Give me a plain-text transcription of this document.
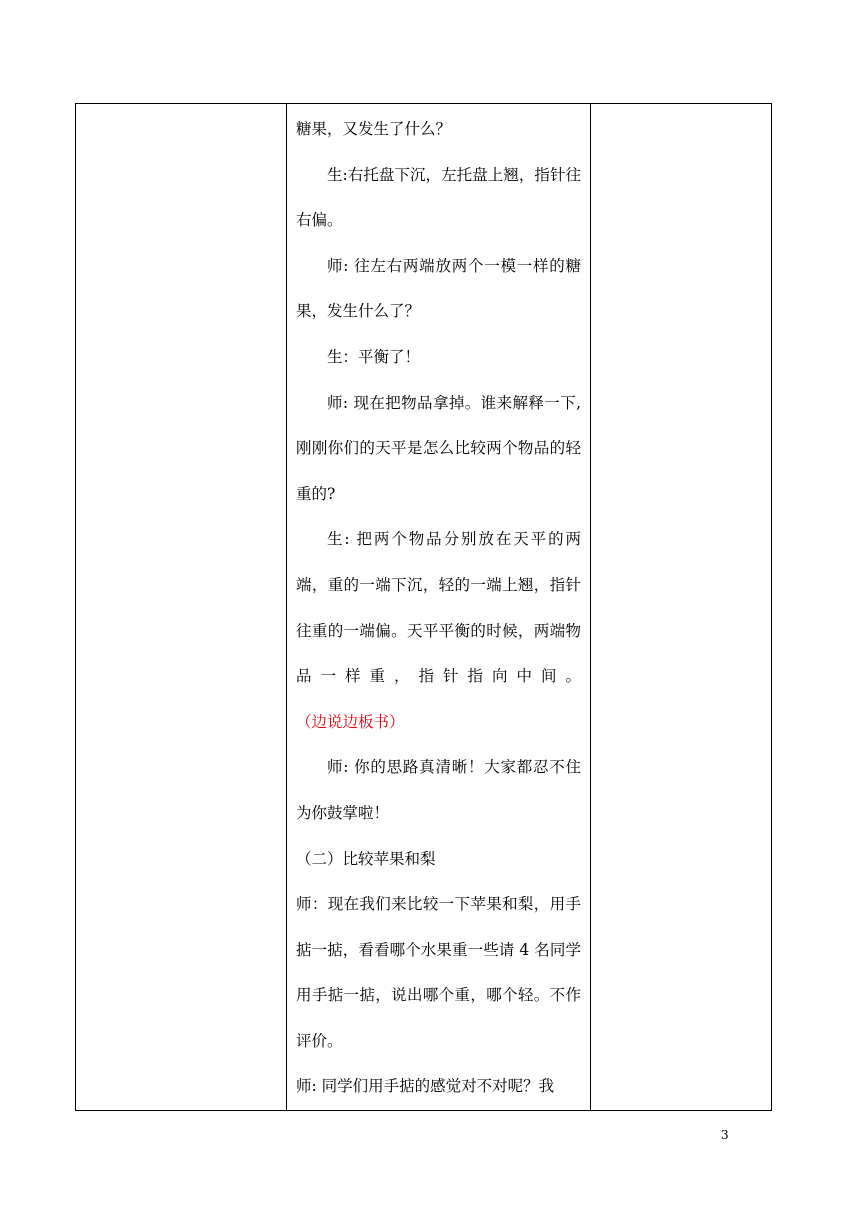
糖果，又发生了什么？

生:右托盘下沉，左托盘上翘，指针往右偏。

师: 往左右两端放两个一模一样的糖果，发生什么了？

生：平衡了！

师: 现在把物品拿掉。谁来解释一下, 刚刚你们的天平是怎么比较两个物品的轻重的?

生: 把两个物品分别放在天平的两端，重的一端下沉，轻的一端上翘，指针往重的一端偏。天平平衡的时候，两端物品一样重，指针指向中间。（边说边板书）

师: 你的思路真清晰！大家都忍不住为你鼓掌啦！

（二）比较苹果和梨

师：现在我们来比较一下苹果和梨，用手掂一掂，看看哪个水果重一些请 4 名同学用手掂一掂，说出哪个重，哪个轻。不作评价。

师: 同学们用手掂的感觉对不对呢？我

3
